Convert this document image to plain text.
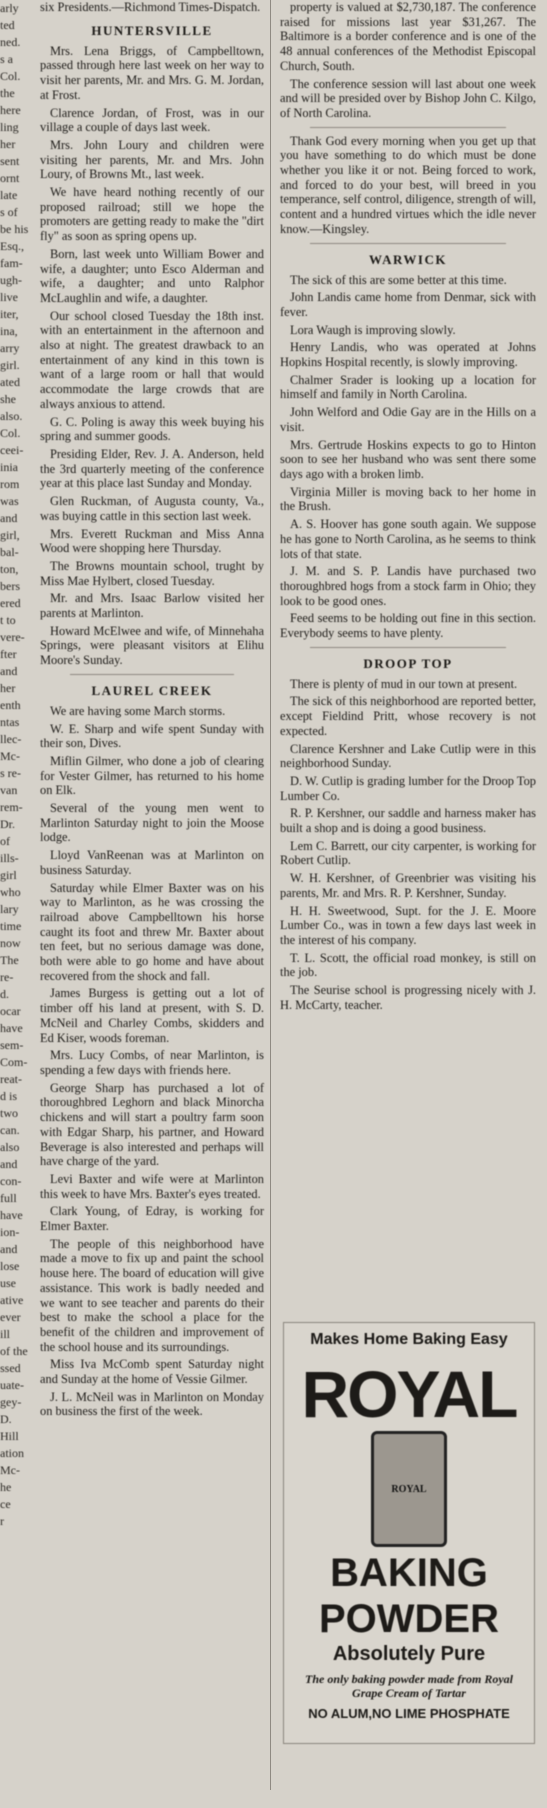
arly
ted
ned.
s a
Col.
the
here
ling
her
sent
ornt
late
s of
be his
Esq.,
fam-
ugh-
live
iter,
ina,
arry
girl.
ated
she
also.
Col.
ceei-
inia
rom
was
and
girl,
bal-
ton,
bers
ered
t to
vere-
fter
and
her
enth
ntas
llec-
Mc-
s re-
van
rem-
Dr.
of
ills-
girl
who
lary
time
now
The
re-
d.
ocar
have
sem-
Com-
reat-
d is
two
can.
also
and
con-
full
have
ion-
and
lose
use
ative
ever
ill
of the
ssed
uate-
gey-
D.
Hill
ation
Mc-
he
ce
r

six Presidents.—Richmond Times-Dispatch.

HUNTERSVILLE

Mrs. Lena Briggs, of Campbelltown, passed through here last week on her way to visit her parents, Mr. and Mrs. G. M. Jordan, at Frost.

Clarence Jordan, of Frost, was in our village a couple of days last week.

Mrs. John Loury and children were visiting her parents, Mr. and Mrs. John Loury, of Browns Mt., last week.

We have heard nothing recently of our proposed railroad; still we hope the promoters are getting ready to make the "dirt fly" as soon as spring opens up.

Born, last week unto William Bower and wife, a daughter; unto Esco Alderman and wife, a daughter; and unto Ralphor McLaughlin and wife, a daughter.

Our school closed Tuesday the 18th inst. with an entertainment in the afternoon and also at night. The greatest drawback to an entertainment of any kind in this town is want of a large room or hall that would accommodate the large crowds that are always anxious to attend.

G. C. Poling is away this week buying his spring and summer goods.

Presiding Elder, Rev. J. A. Anderson, held the 3rd quarterly meeting of the conference year at this place last Sunday and Monday.

Glen Ruckman, of Augusta county, Va., was buying cattle in this section last week.

Mrs. Everett Ruckman and Miss Anna Wood were shopping here Thursday.

The Browns mountain school, trught by Miss Mae Hylbert, closed Tuesday.

Mr. and Mrs. Isaac Barlow visited her parents at Marlinton.

Howard McElwee and wife, of Minnehaha Springs, were pleasant visitors at Elihu Moore's Sunday.

LAUREL CREEK

We are having some March storms.

W. E. Sharp and wife spent Sunday with their son, Dives.

Miflin Gilmer, who done a job of clearing for Vester Gilmer, has returned to his home on Elk.

Several of the young men went to Marlinton Saturday night to join the Moose lodge.

Lloyd VanReenan was at Marlinton on business Saturday.

Saturday while Elmer Baxter was on his way to Marlinton, as he was crossing the railroad above Campbelltown his horse caught its foot and threw Mr. Baxter about ten feet, but no serious damage was done, both were able to go home and have about recovered from the shock and fall.

James Burgess is getting out a lot of timber off his land at present, with S. D. McNeil and Charley Combs, skidders and Ed Kiser, woods foreman.

Mrs. Lucy Combs, of near Marlinton, is spending a few days with friends here.

George Sharp has purchased a lot of thoroughbred Leghorn and black Minorcha chickens and will start a poultry farm soon with Edgar Sharp, his partner, and Howard Beverage is also interested and perhaps will have charge of the yard.

Levi Baxter and wife were at Marlinton this week to have Mrs. Baxter's eyes treated.

Clark Young, of Edray, is working for Elmer Baxter.

The people of this neighborhood have made a move to fix up and paint the school house here. The board of education will give assistance. This work is badly needed and we want to see teacher and parents do their best to make the school a place for the benefit of the children and improvement of the school house and its surroundings.

Miss Iva McComb spent Saturday night and Sunday at the home of Vessie Gilmer.

J. L. McNeil was in Marlinton on Monday on business the first of the week.

property is valued at $2,730,187. The conference raised for missions last year $31,267. The Baltimore is a border conference and is one of the 48 annual conferences of the Methodist Episcopal Church, South.

The conference session will last about one week and will be presided over by Bishop John C. Kilgo, of North Carolina.

Thank God every morning when you get up that you have something to do which must be done whether you like it or not. Being forced to work, and forced to do your best, will breed in you temperance, self control, diligence, strength of will, content and a hundred virtues which the idle never know.—Kingsley.

WARWICK

The sick of this are some better at this time.

John Landis came home from Denmar, sick with fever.

Lora Waugh is improving slowly.

Henry Landis, who was operated at Johns Hopkins Hospital recently, is slowly improving.

Chalmer Srader is looking up a location for himself and family in North Carolina.

John Welford and Odie Gay are in the Hills on a visit.

Mrs. Gertrude Hoskins expects to go to Hinton soon to see her husband who was sent there some days ago with a broken limb.

Virginia Miller is moving back to her home in the Brush.

A. S. Hoover has gone south again. We suppose he has gone to North Carolina, as he seems to think lots of that state.

J. M. and S. P. Landis have purchased two thoroughbred hogs from a stock farm in Ohio; they look to be good ones.

Feed seems to be holding out fine in this section. Everybody seems to have plenty.

DROOP TOP

There is plenty of mud in our town at present.

The sick of this neighborhood are reported better, except Fieldind Pritt, whose recovery is not expected.

Clarence Kershner and Lake Cutlip were in this neighborhood Sunday.

D. W. Cutlip is grading lumber for the Droop Top Lumber Co.

R. P. Kershner, our saddle and harness maker has built a shop and is doing a good business.

Lem C. Barrett, our city carpenter, is working for Robert Cutlip.

W. H. Kershner, of Greenbrier was visiting his parents, Mr. and Mrs. R. P. Kershner, Sunday.

H. H. Sweetwood, Supt. for the J. E. Moore Lumber Co., was in town a few days last week in the interest of his company.

T. L. Scott, the official road monkey, is still on the job.

The Seurise school is progressing nicely with J. H. McCarty, teacher.

Makes Home Baking Easy
ROYAL
ROYAL
BAKING
POWDER
Absolutely Pure
The only baking powder made from Royal Grape Cream of Tartar
NO ALUM,NO LIME PHOSPHATE
